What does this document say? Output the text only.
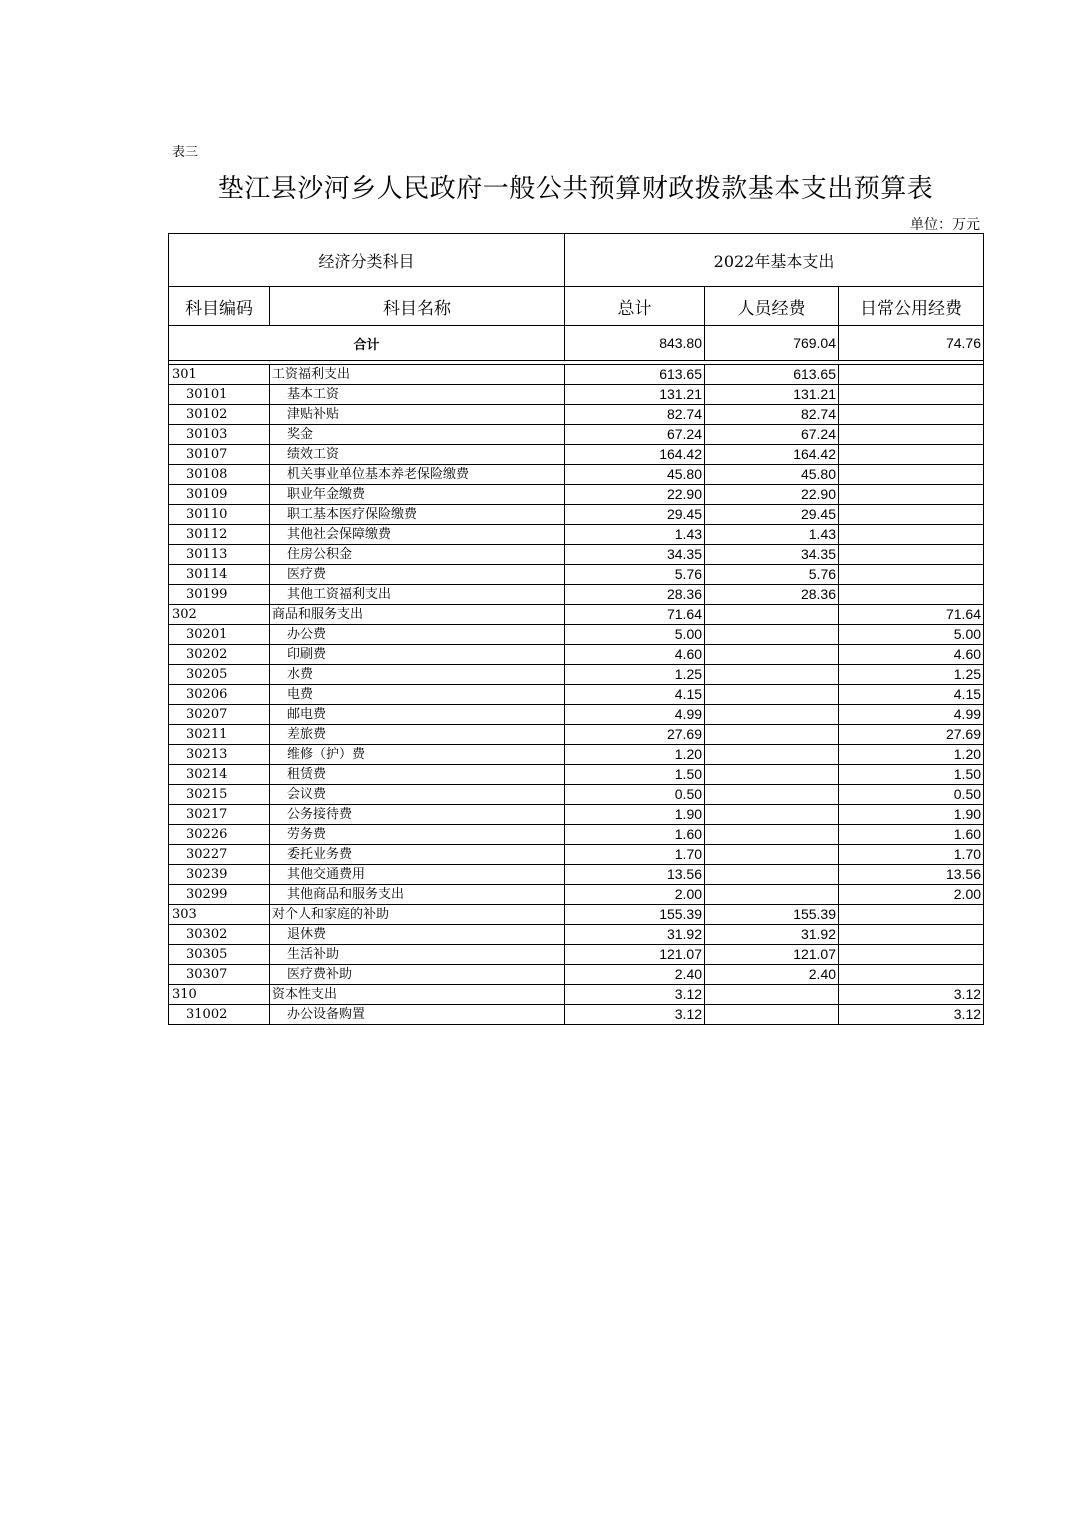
表三
垫江县沙河乡人民政府一般公共预算财政拨款基本支出预算表
单位：万元
经济分类科目		2022年基本支出		
科目编码	科目名称	总计	人员经费	日常公用经费
合计		843.80	769.04	74.76

301	工资福利支出	613.65	613.65	
30101	基本工资	131.21	131.21	
30102	津贴补贴	82.74	82.74	
30103	奖金	67.24	67.24	
30107	绩效工资	164.42	164.42	
30108	机关事业单位基本养老保险缴费	45.80	45.80	
30109	职业年金缴费	22.90	22.90	
30110	职工基本医疗保险缴费	29.45	29.45	
30112	其他社会保障缴费	1.43	1.43	
30113	住房公积金	34.35	34.35	
30114	医疗费	5.76	5.76	
30199	其他工资福利支出	28.36	28.36	
302	商品和服务支出	71.64		71.64
30201	办公费	5.00		5.00
30202	印刷费	4.60		4.60
30205	水费	1.25		1.25
30206	电费	4.15		4.15
30207	邮电费	4.99		4.99
30211	差旅费	27.69		27.69
30213	维修（护）费	1.20		1.20
30214	租赁费	1.50		1.50
30215	会议费	0.50		0.50
30217	公务接待费	1.90		1.90
30226	劳务费	1.60		1.60
30227	委托业务费	1.70		1.70
30239	其他交通费用	13.56		13.56
30299	其他商品和服务支出	2.00		2.00
303	对个人和家庭的补助	155.39	155.39	
30302	退休费	31.92	31.92	
30305	生活补助	121.07	121.07	
30307	医疗费补助	2.40	2.40	
310	资本性支出	3.12		3.12
31002	办公设备购置	3.12		3.12
